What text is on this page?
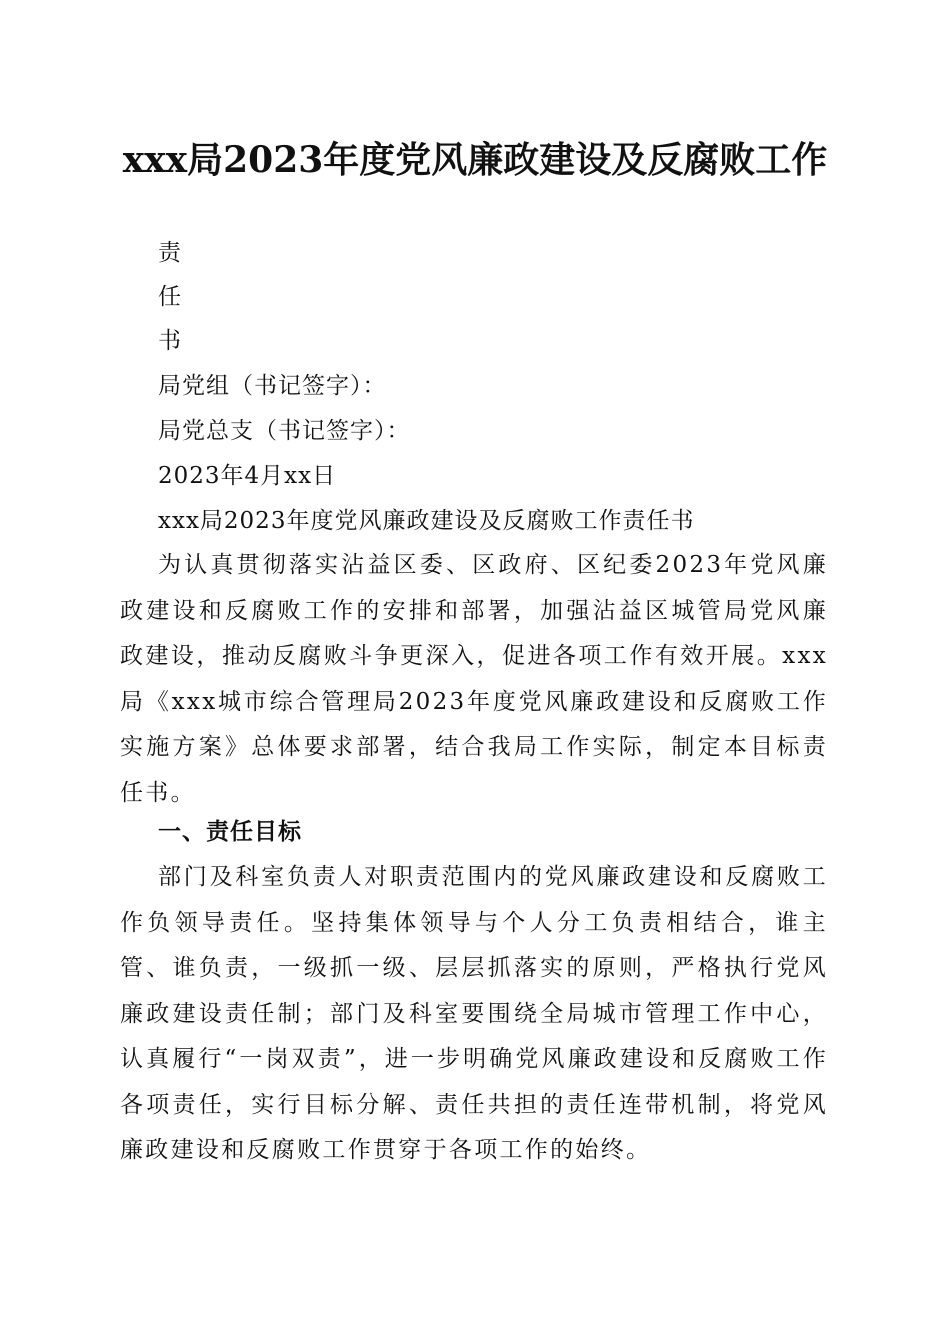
xxx局2023年度党风廉政建设及反腐败工作
责
任
书
局党组（书记签字）：
局党总支（书记签字）：
2023年4月xx日
xxx局2023年度党风廉政建设及反腐败工作责任书
为认真贯彻落实沾益区委、区政府、区纪委2023年党风廉政建设和反腐败工作的安排和部署，加强沾益区城管局党风廉政建设，推动反腐败斗争更深入，促进各项工作有效开展。xxx局《xxx城市综合管理局2023年度党风廉政建设和反腐败工作实施方案》总体要求部署，结合我局工作实际，制定本目标责任书。
一、责任目标
部门及科室负责人对职责范围内的党风廉政建设和反腐败工作负领导责任。坚持集体领导与个人分工负责相结合，谁主管、谁负责，一级抓一级、层层抓落实的原则，严格执行党风廉政建设责任制；部门及科室要围绕全局城市管理工作中心，认真履行“一岗双责”，进一步明确党风廉政建设和反腐败工作各项责任，实行目标分解、责任共担的责任连带机制，将党风廉政建设和反腐败工作贯穿于各项工作的始终。
